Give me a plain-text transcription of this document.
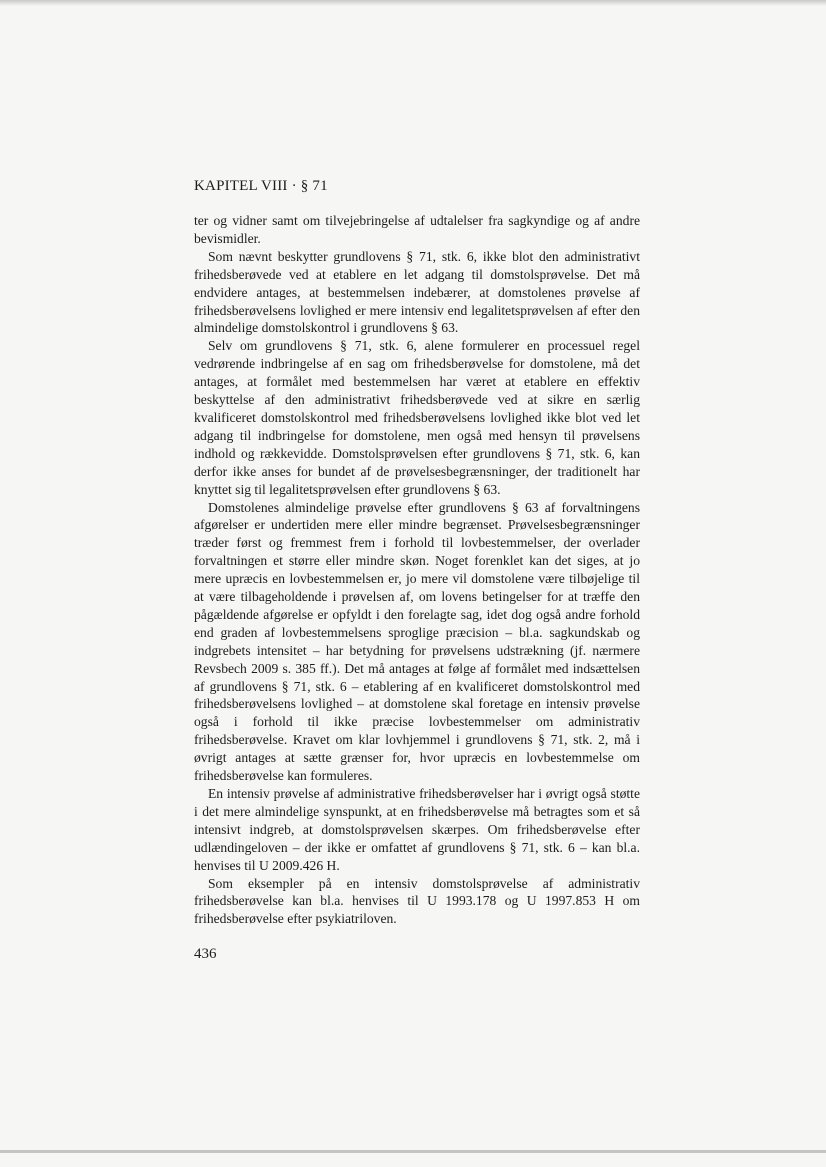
KAPITEL VIII · § 71

ter og vidner samt om tilvejebringelse af udtalelser fra sagkyndige og af andre bevismidler.

Som nævnt beskytter grundlovens § 71, stk. 6, ikke blot den administrativt frihedsberøvede ved at etablere en let adgang til domstolsprøvelse. Det må endvidere antages, at bestemmelsen indebærer, at domstolenes prøvelse af frihedsberøvelsens lovlighed er mere intensiv end legalitetsprøvelsen af efter den almindelige domstolskontrol i grundlovens § 63.

Selv om grundlovens § 71, stk. 6, alene formulerer en processuel regel vedrørende indbringelse af en sag om frihedsberøvelse for domstolene, må det antages, at formålet med bestemmelsen har været at etablere en effektiv beskyttelse af den administrativt frihedsberøvede ved at sikre en særlig kvalificeret domstolskontrol med frihedsberøvelsens lovlighed ikke blot ved let adgang til indbringelse for domstolene, men også med hensyn til prøvelsens indhold og rækkevidde. Domstolsprøvelsen efter grundlovens § 71, stk. 6, kan derfor ikke anses for bundet af de prøvelsesbegrænsninger, der traditionelt har knyttet sig til legalitetsprøvelsen efter grundlovens § 63.

Domstolenes almindelige prøvelse efter grundlovens § 63 af forvaltningens afgørelser er undertiden mere eller mindre begrænset. Prøvelsesbegrænsninger træder først og fremmest frem i forhold til lovbestemmelser, der overlader forvaltningen et større eller mindre skøn. Noget forenklet kan det siges, at jo mere upræcis en lovbestemmelsen er, jo mere vil domstolene være tilbøjelige til at være tilbageholdende i prøvelsen af, om lovens betingelser for at træffe den pågældende afgørelse er opfyldt i den forelagte sag, idet dog også andre forhold end graden af lovbestemmelsens sproglige præcision – bl.a. sagkundskab og indgrebets intensitet – har betydning for prøvelsens udstrækning (jf. nærmere Revsbech 2009 s. 385 ff.). Det må antages at følge af formålet med indsættelsen af grundlovens § 71, stk. 6 – etablering af en kvalificeret domstolskontrol med frihedsberøvelsens lovlighed – at domstolene skal foretage en intensiv prøvelse også i forhold til ikke præcise lovbestemmelser om administrativ frihedsberøvelse. Kravet om klar lovhjemmel i grundlovens § 71, stk. 2, må i øvrigt antages at sætte grænser for, hvor upræcis en lovbestemmelse om frihedsberøvelse kan formuleres.

En intensiv prøvelse af administrative frihedsberøvelser har i øvrigt også støtte i det mere almindelige synspunkt, at en frihedsberøvelse må betragtes som et så intensivt indgreb, at domstolsprøvelsen skærpes. Om frihedsberøvelse efter udlændingeloven – der ikke er omfattet af grundlovens § 71, stk. 6 – kan bl.a. henvises til U 2009.426 H.

Som eksempler på en intensiv domstolsprøvelse af administrativ frihedsberøvelse kan bl.a. henvises til U 1993.178 og U 1997.853 H om frihedsberøvelse efter psykiatriloven.

436
